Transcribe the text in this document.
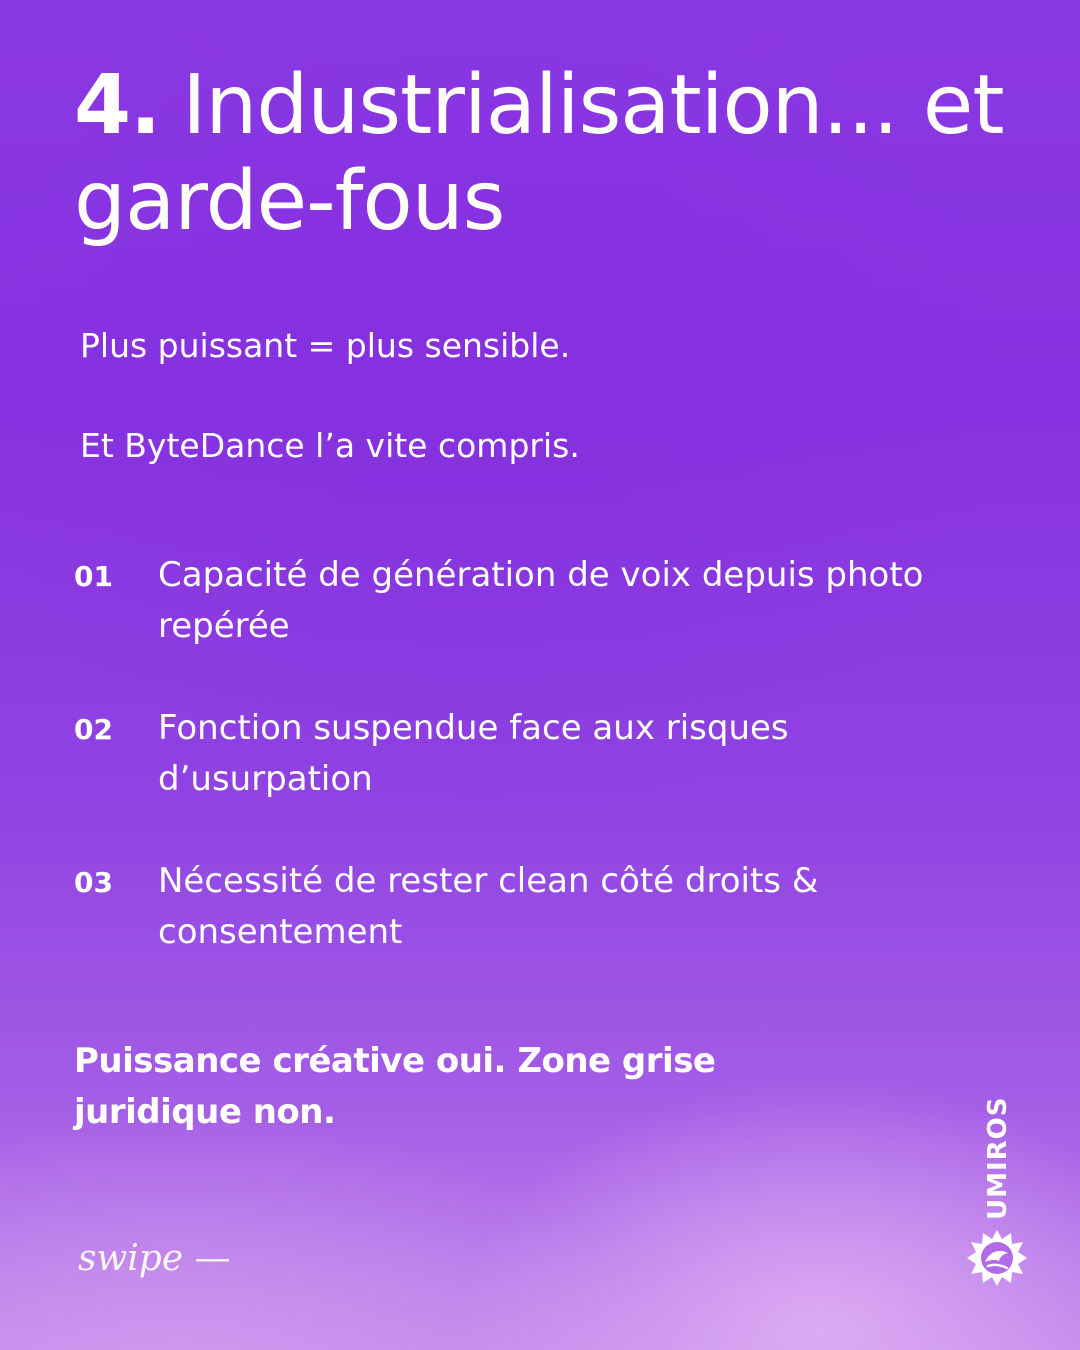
4. Industrialisation... et garde-fous

Plus puissant = plus sensible.

Et ByteDance l’a vite compris.

01	Capacité de génération de voix depuis photo repérée
02	Fonction suspendue face aux risques d’usurpation
03	Nécessité de rester clean côté droits & consentement

Puissance créative oui. Zone grise juridique non.

swipe —
UMIROS
